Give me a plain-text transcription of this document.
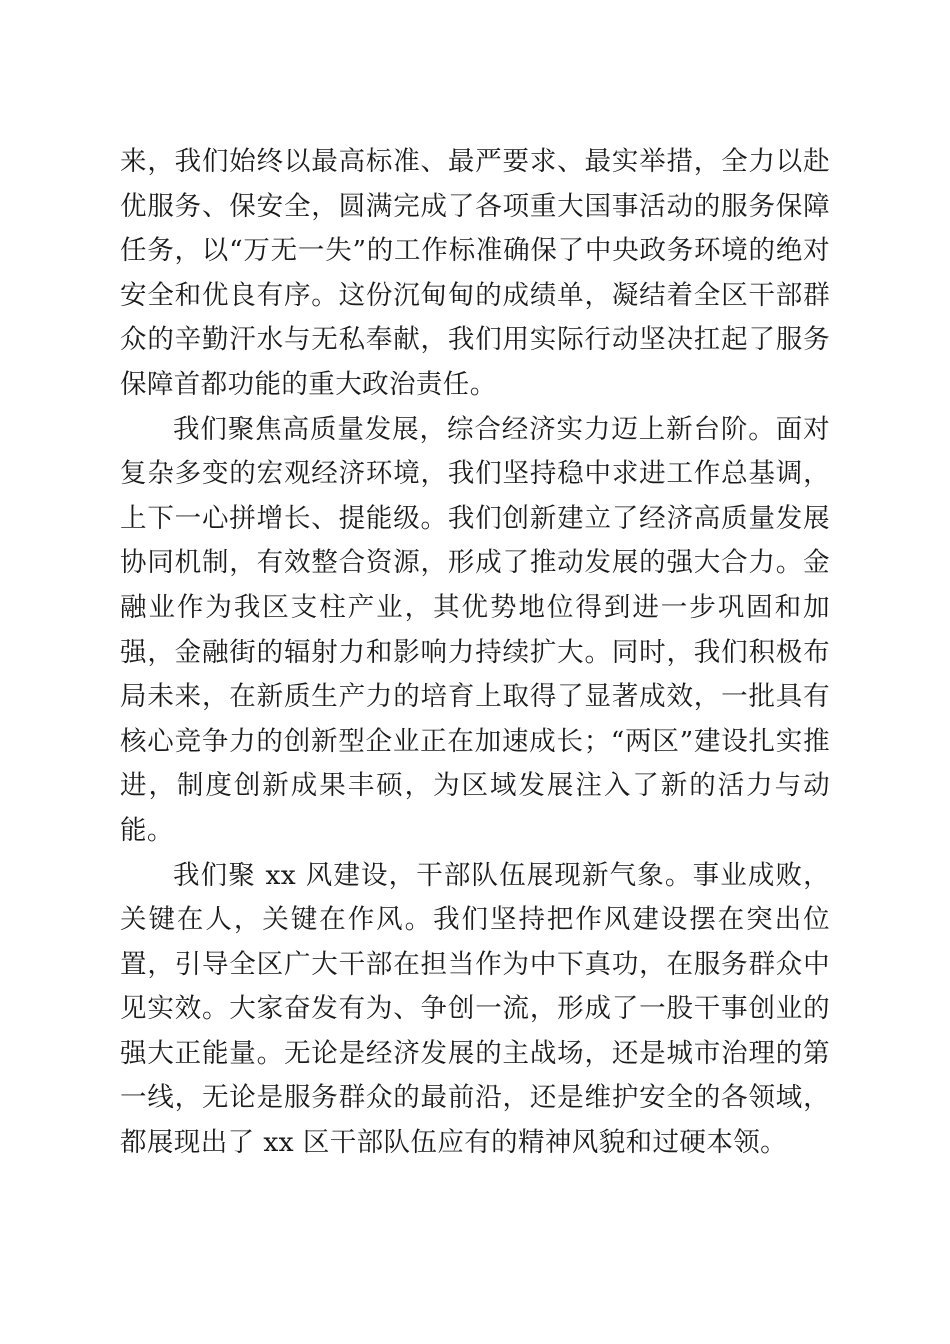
来，我们始终以最高标准、最严要求、最实举措，全力以赴优服务、保安全，圆满完成了各项重大国事活动的服务保障任务，以“万无一失”的工作标准确保了中央政务环境的绝对安全和优良有序。这份沉甸甸的成绩单，凝结着全区干部群众的辛勤汗水与无私奉献，我们用实际行动坚决扛起了服务保障首都功能的重大政治责任。

我们聚焦高质量发展，综合经济实力迈上新台阶。面对复杂多变的宏观经济环境，我们坚持稳中求进工作总基调，上下一心拼增长、提能级。我们创新建立了经济高质量发展协同机制，有效整合资源，形成了推动发展的强大合力。金融业作为我区支柱产业，其优势地位得到进一步巩固和加强，金融街的辐射力和影响力持续扩大。同时，我们积极布局未来，在新质生产力的培育上取得了显著成效，一批具有核心竞争力的创新型企业正在加速成长；“两区”建设扎实推进，制度创新成果丰硕，为区域发展注入了新的活力与动能。

我们聚 xx 风建设，干部队伍展现新气象。事业成败，关键在人，关键在作风。我们坚持把作风建设摆在突出位置，引导全区广大干部在担当作为中下真功，在服务群众中见实效。大家奋发有为、争创一流，形成了一股干事创业的强大正能量。无论是经济发展的主战场，还是城市治理的第一线，无论是服务群众的最前沿，还是维护安全的各领域，都展现出了 xx 区干部队伍应有的精神风貌和过硬本领。
